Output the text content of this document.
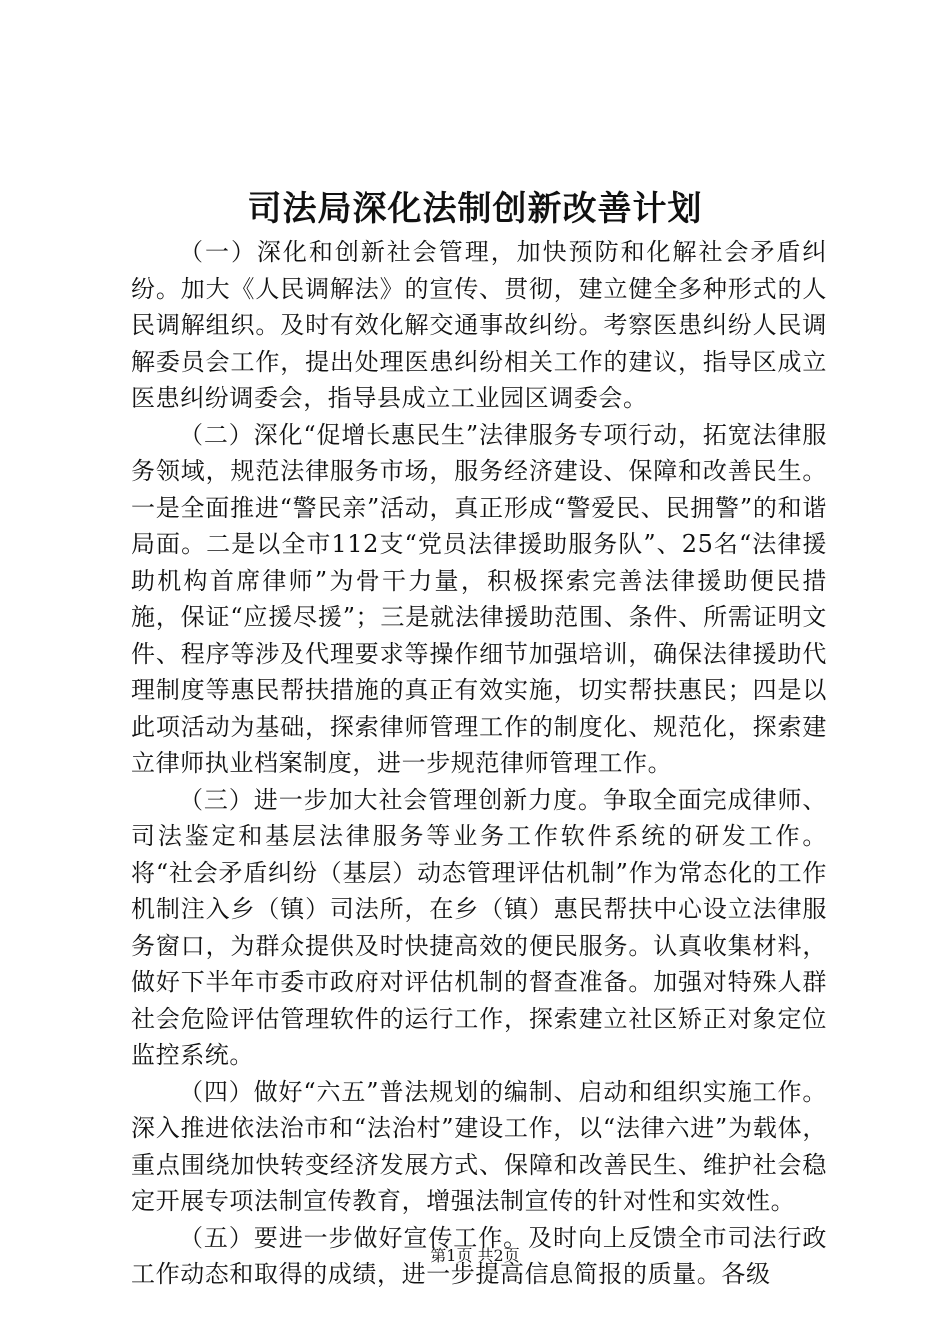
司法局深化法制创新改善计划

（一）深化和创新社会管理，加快预防和化解社会矛盾纠纷。加大《人民调解法》的宣传、贯彻，建立健全多种形式的人民调解组织。及时有效化解交通事故纠纷。考察医患纠纷人民调解委员会工作，提出处理医患纠纷相关工作的建议，指导区成立医患纠纷调委会，指导县成立工业园区调委会。

（二）深化“促增长惠民生”法律服务专项行动，拓宽法律服务领域，规范法律服务市场，服务经济建设、保障和改善民生。一是全面推进“警民亲”活动，真正形成“警爱民、民拥警”的和谐局面。二是以全市112支“党员法律援助服务队”、25名“法律援助机构首席律师”为骨干力量，积极探索完善法律援助便民措施，保证“应援尽援”；三是就法律援助范围、条件、所需证明文件、程序等涉及代理要求等操作细节加强培训，确保法律援助代理制度等惠民帮扶措施的真正有效实施，切实帮扶惠民；四是以此项活动为基础，探索律师管理工作的制度化、规范化，探索建立律师执业档案制度，进一步规范律师管理工作。

（三）进一步加大社会管理创新力度。争取全面完成律师、司法鉴定和基层法律服务等业务工作软件系统的研发工作。将“社会矛盾纠纷（基层）动态管理评估机制”作为常态化的工作机制注入乡（镇）司法所，在乡（镇）惠民帮扶中心设立法律服务窗口，为群众提供及时快捷高效的便民服务。认真收集材料，做好下半年市委市政府对评估机制的督查准备。加强对特殊人群社会危险评估管理软件的运行工作，探索建立社区矫正对象定位监控系统。

（四）做好“六五”普法规划的编制、启动和组织实施工作。深入推进依法治市和“法治村”建设工作，以“法律六进”为载体，重点围绕加快转变经济发展方式、保障和改善民生、维护社会稳定开展专项法制宣传教育，增强法制宣传的针对性和实效性。

（五）要进一步做好宣传工作。及时向上反馈全市司法行政工作动态和取得的成绩，进一步提高信息简报的质量。各级

第1页 共2页
